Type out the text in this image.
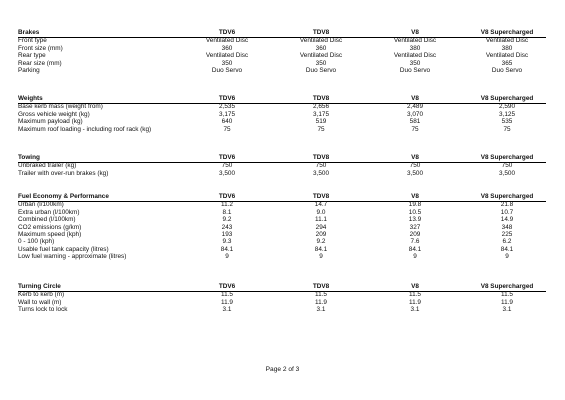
Brakes	TDV6	TDV8	V8	V8 Supercharged
Front type	Ventilated Disc	Ventilated Disc	Ventilated Disc	Ventilated Disc
Front size (mm)	360	360	380	380
Rear type	Ventilated Disc	Ventilated Disc	Ventilated Disc	Ventilated Disc
Rear size (mm)	350	350	350	365
Parking	Duo Servo	Duo Servo	Duo Servo	Duo Servo
Weights	TDV6	TDV8	V8	V8 Supercharged
Base kerb mass (weight from)	2,535	2,656	2,489	2,590
Gross vehicle weight (kg)	3,175	3,175	3,070	3,125
Maximum payload (kg)	640	519	581	535
Maximum roof loading - including roof rack (kg)	75	75	75	75
Towing	TDV6	TDV8	V8	V8 Supercharged
Unbraked trailer (kg)	750	750	750	750
Trailer with over-run brakes (kg)	3,500	3,500	3,500	3,500
Fuel Economy & Performance	TDV6	TDV8	V8	V8 Supercharged
Urban (l/100km)	11.2	14.7	19.8	21.8
Extra urban (l/100km)	8.1	9.0	10.5	10.7
Combined (l/100km)	9.2	11.1	13.9	14.9
CO2 emissions (g/km)	243	294	327	348
Maximum speed (kph)	193	209	209	225
0 - 100 (kph)	9.3	9.2	7.6	6.2
Usable fuel tank capacity (litres)	84.1	84.1	84.1	84.1
Low fuel warning - approximate (litres)	9	9	9	9
Turning Circle	TDV6	TDV8	V8	V8 Supercharged
Kerb to kerb (m)	11.5	11.5	11.5	11.5
Wall to wall (m)	11.9	11.9	11.9	11.9
Turns lock to lock	3.1	3.1	3.1	3.1
Page 2 of 3
